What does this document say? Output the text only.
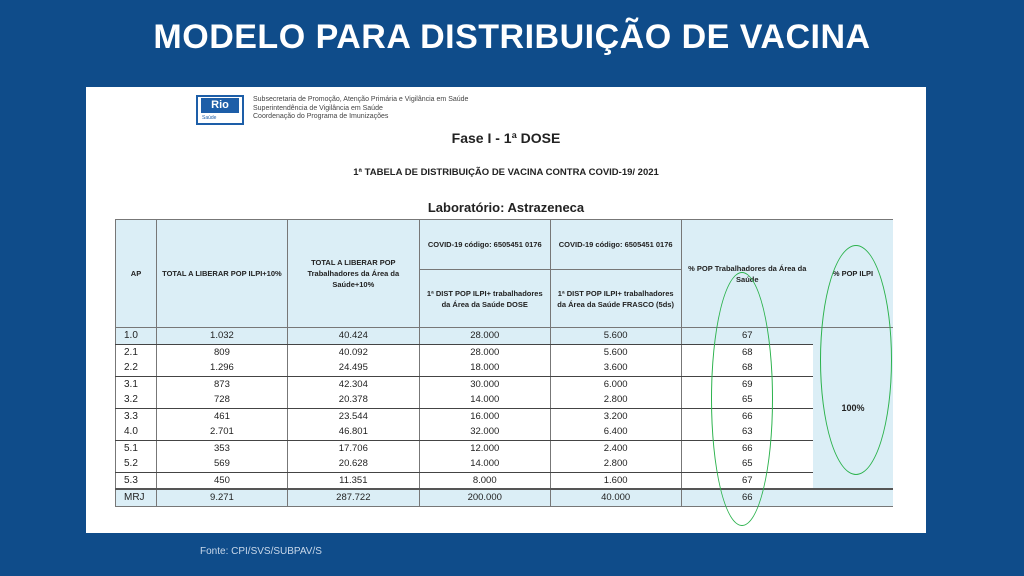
MODELO PARA DISTRIBUIÇÃO DE VACINA
Rio
Saúde
Subsecretaria de Promoção, Atenção Primária e Vigilância em Saúde
Superintendência de Vigilância em Saúde
Coordenação do Programa de Imunizações
Fase I - 1ª DOSE
1ª TABELA DE DISTRIBUIÇÃO DE VACINA CONTRA COVID-19/ 2021
Laboratório: Astrazeneca
AP	TOTAL A LIBERAR POP ILPI+10%	TOTAL A LIBERAR POP Trabalhadores da Área da Saúde+10%	COVID-19 código: 6505451 0176	COVID-19 código: 6505451 0176	% POP Trabalhadores da Área da Saúde	% POP ILPI
			1ª DIST POP ILPI+ trabalhadores da Área da Saúde DOSE	1ª DIST POP ILPI+ trabalhadores da Área da Saúde FRASCO (5ds)		
1.0	1.032	40.424	28.000	5.600	67	100%
2.1	809	40.092	28.000	5.600	68	
2.2	1.296	24.495	18.000	3.600	68	
3.1	873	42.304	30.000	6.000	69	
3.2	728	20.378	14.000	2.800	65	
3.3	461	23.544	16.000	3.200	66	
4.0	2.701	46.801	32.000	6.400	63	
5.1	353	17.706	12.000	2.400	66	
5.2	569	20.628	14.000	2.800	65	
5.3	450	11.351	8.000	1.600	67	
MRJ	9.271	287.722	200.000	40.000	66	
Fonte: CPI/SVS/SUBPAV/S
